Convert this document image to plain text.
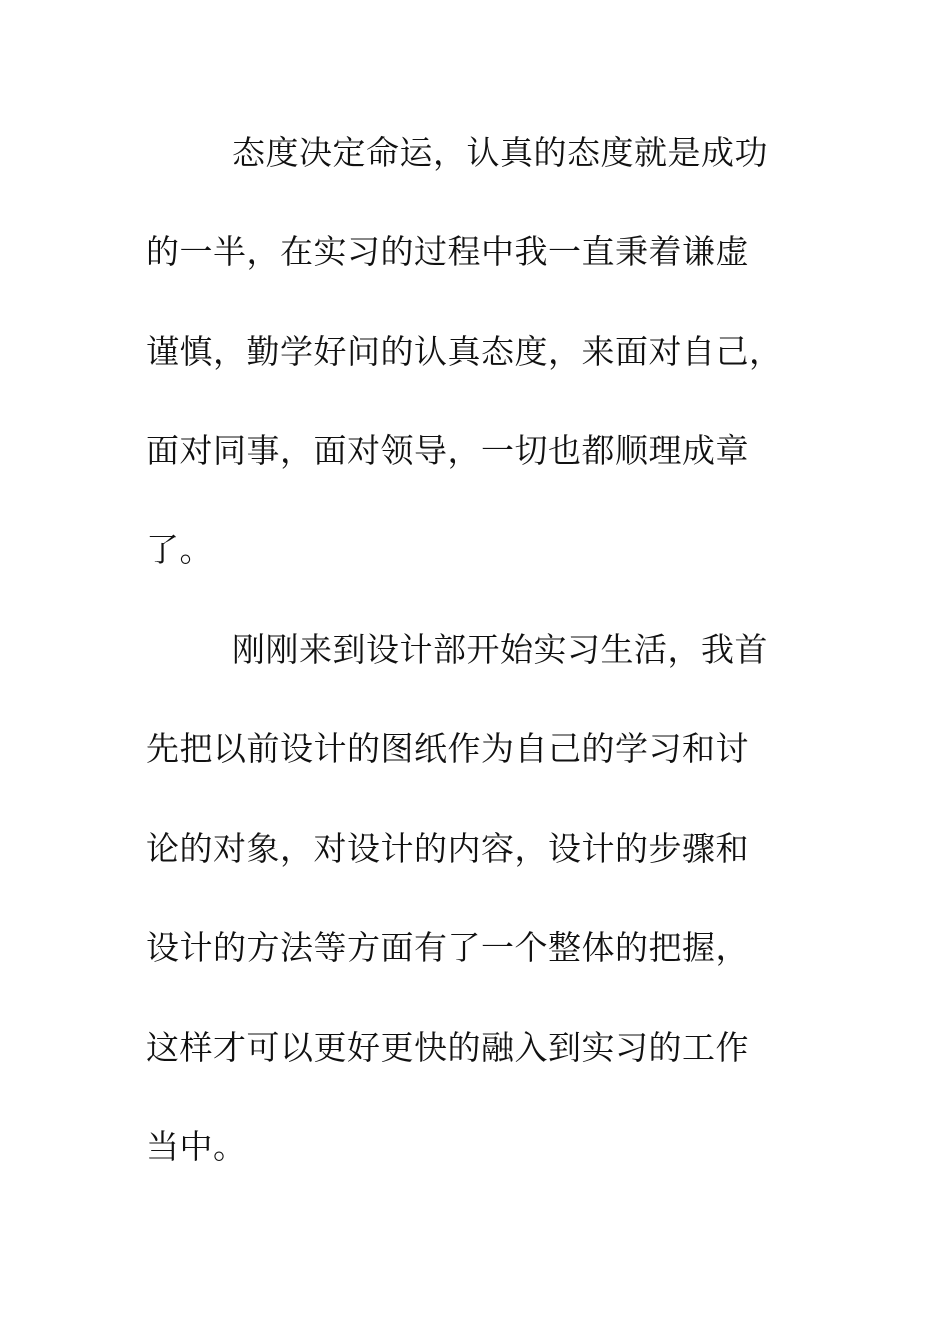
态度决定命运，认真的态度就是成功
的一半，在实习的过程中我一直秉着谦虚
谨慎，勤学好问的认真态度，来面对自己，
面对同事，面对领导，一切也都顺理成章
了。
刚刚来到设计部开始实习生活，我首
先把以前设计的图纸作为自己的学习和讨
论的对象，对设计的内容，设计的步骤和
设计的方法等方面有了一个整体的把握，
这样才可以更好更快的融入到实习的工作
当中。
